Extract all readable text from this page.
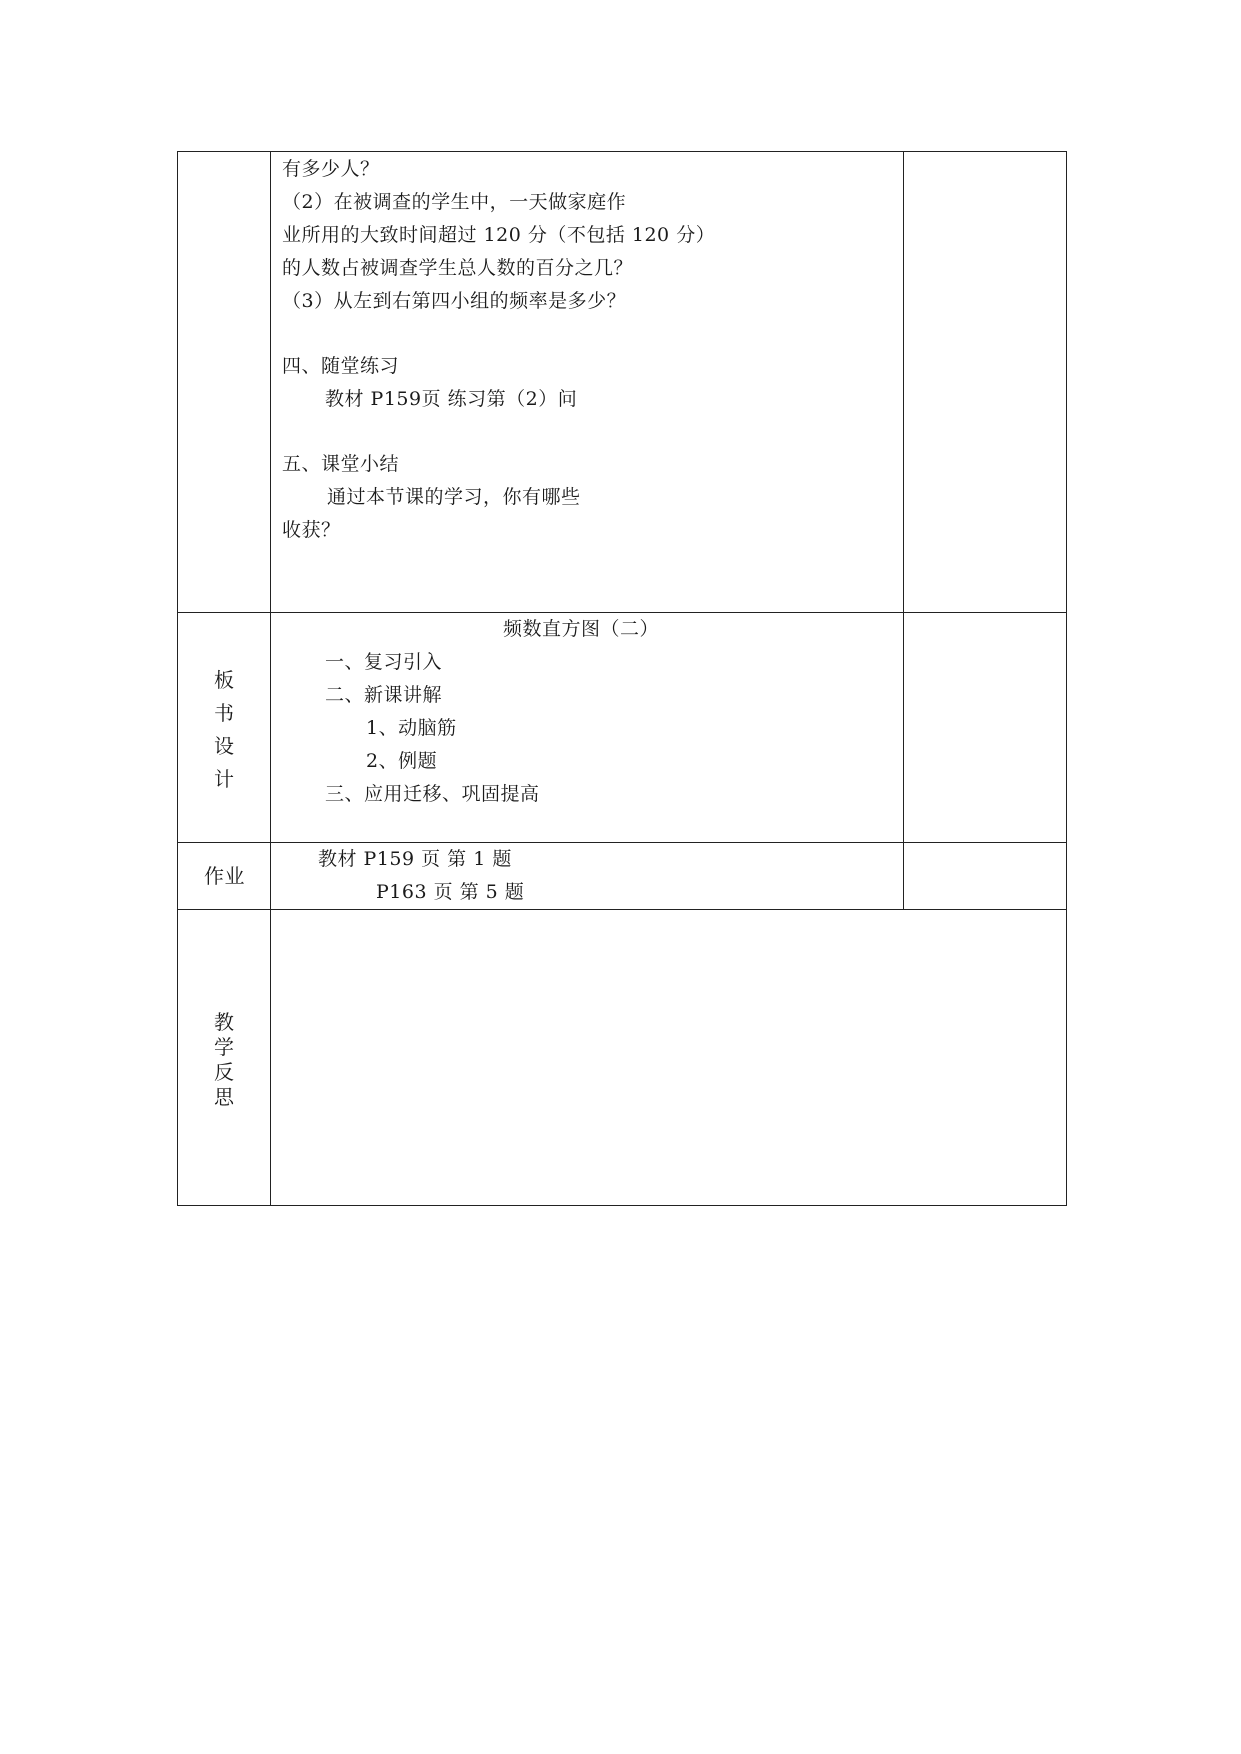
有多少人？
（2）在被调查的学生中，一天做家庭作
业所用的大致时间超过 120 分（不包括 120 分）
的人数占被调查学生总人数的百分之几？
（3）从左到右第四小组的频率是多少？
四、随堂练习
教材 P159页 练习第（2）问
五、课堂小结
通过本节课的学习，你有哪些
收获？
板
书
设
计
频数直方图（二）
一、复习引入
二、新课讲解
1、动脑筋
2、例题
三、应用迁移、巩固提高
作业
教材 P159 页 第 1 题
P163 页 第 5 题
教
学
反
思
